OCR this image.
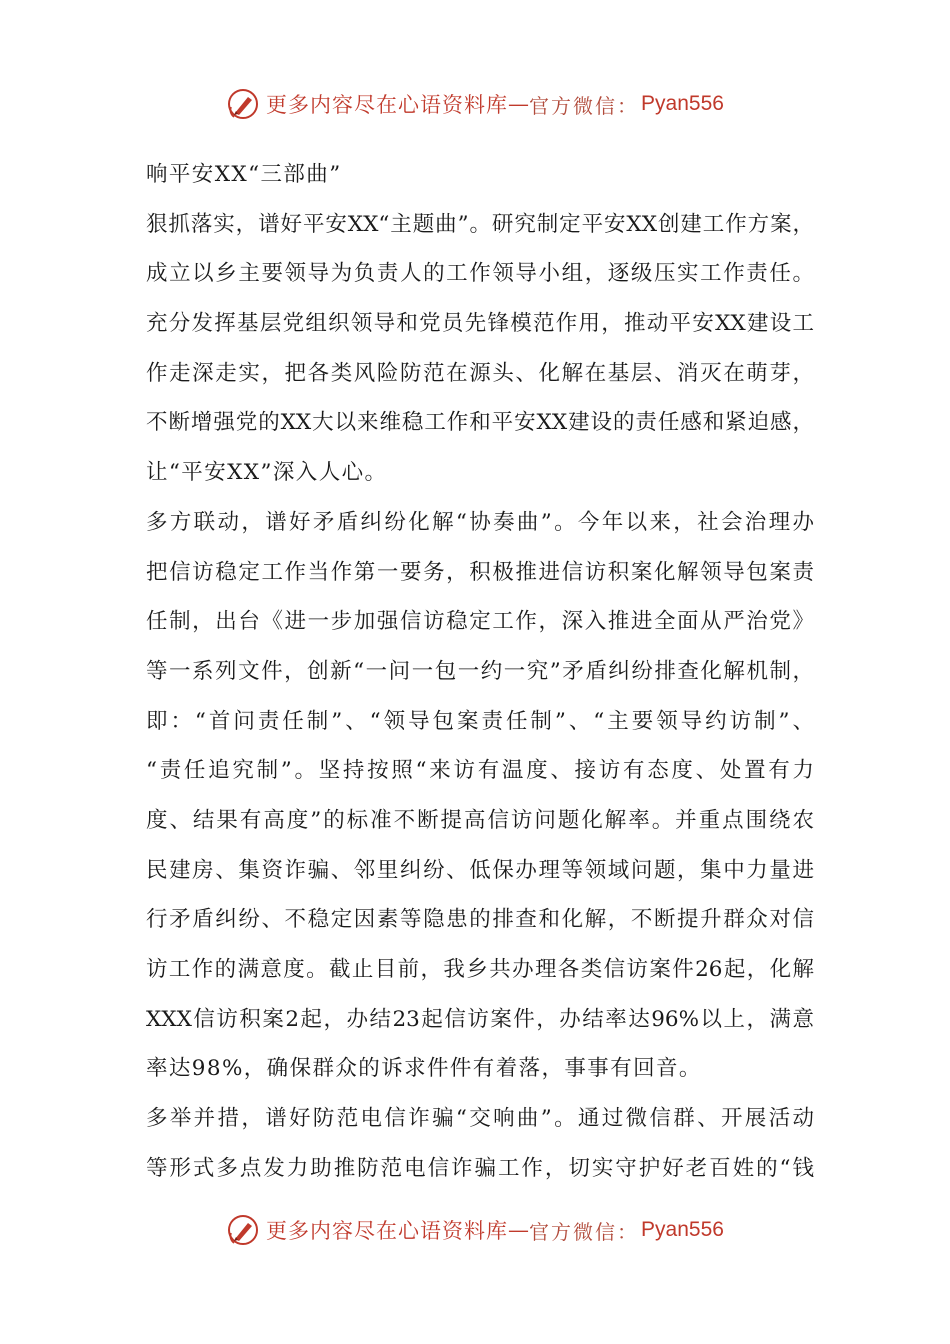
更多内容尽在心语资料库 — 官方微信： Pyan556
响平安XX“三部曲”
狠抓落实，谱好平安XX“主题曲”。研究制定平安XX创建工作方案，
成立以乡主要领导为负责人的工作领导小组，逐级压实工作责任。
充分发挥基层党组织领导和党员先锋模范作用，推动平安XX建设工
作走深走实，把各类风险防范在源头、化解在基层、消灭在萌芽，
不断增强党的XX大以来维稳工作和平安XX建设的责任感和紧迫感，
让“平安XX”深入人心。
多方联动，谱好矛盾纠纷化解“协奏曲”。今年以来，社会治理办
把信访稳定工作当作第一要务，积极推进信访积案化解领导包案责
任制，出台《进一步加强信访稳定工作，深入推进全面从严治党》
等一系列文件，创新“一问一包一约一究”矛盾纠纷排查化解机制，
即：“首问责任制”、“领导包案责任制”、“主要领导约访制”、
“责任追究制”。坚持按照“来访有温度、接访有态度、处置有力
度、结果有高度”的标准不断提高信访问题化解率。并重点围绕农
民建房、集资诈骗、邻里纠纷、低保办理等领域问题，集中力量进
行矛盾纠纷、不稳定因素等隐患的排查和化解，不断提升群众对信
访工作的满意度。截止目前，我乡共办理各类信访案件26起，化解
XXX信访积案2起，办结23起信访案件，办结率达96%以上，满意
率达98%，确保群众的诉求件件有着落，事事有回音。
多举并措，谱好防范电信诈骗“交响曲”。通过微信群、开展活动
等形式多点发力助推防范电信诈骗工作，切实守护好老百姓的“钱
更多内容尽在心语资料库 — 官方微信： Pyan556
